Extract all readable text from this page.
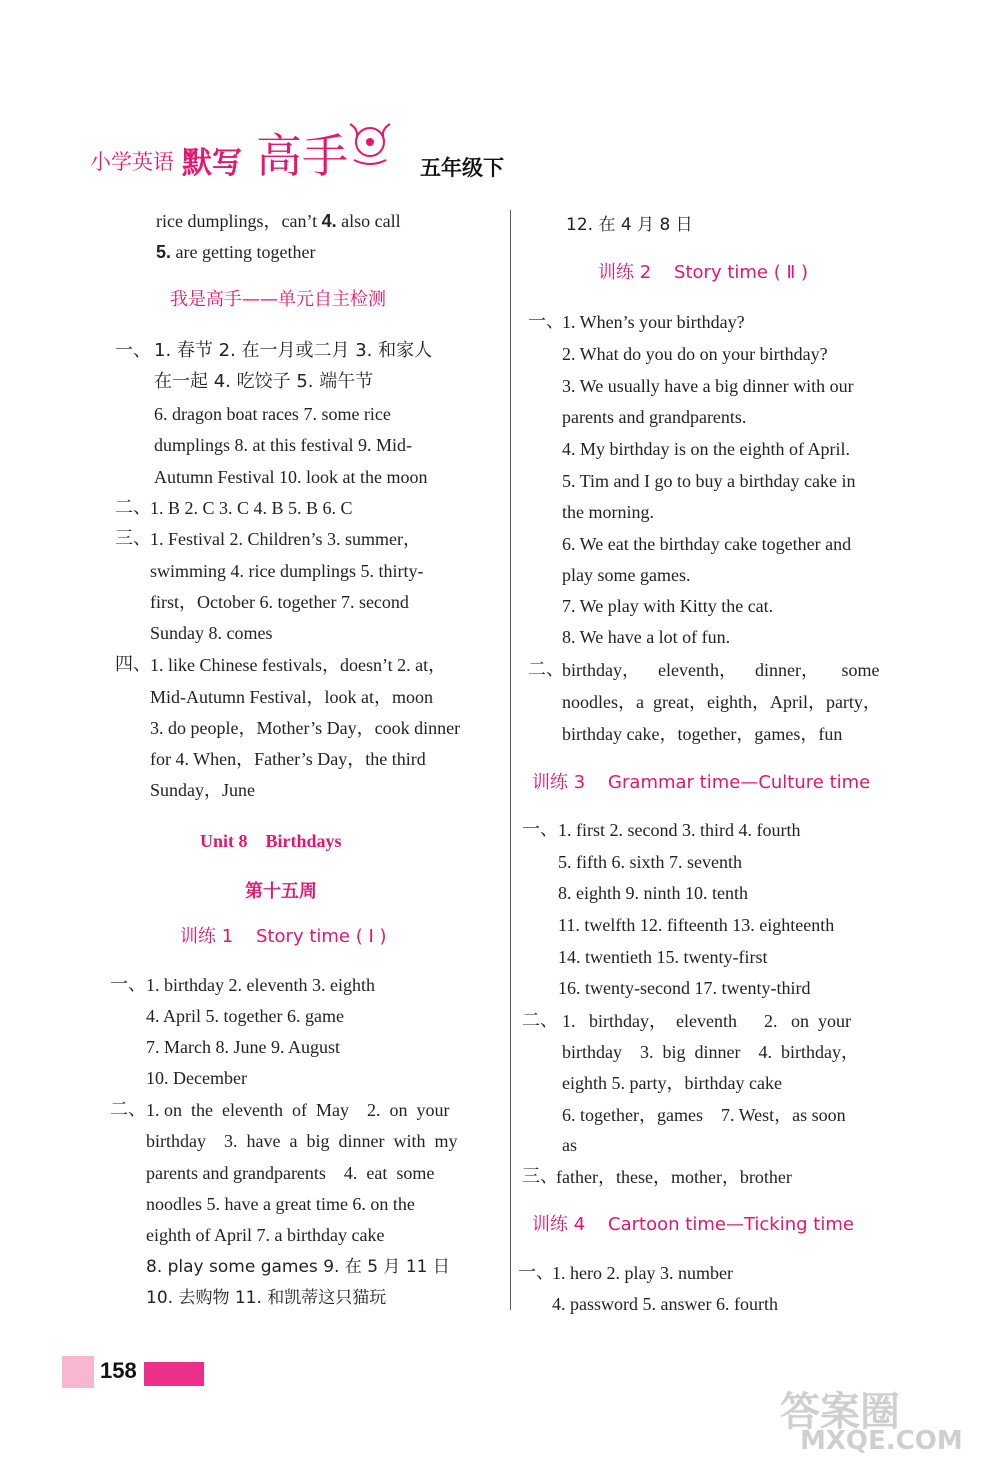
小学英语 默写 高手	五年级下

rice dumplings，can’t 4. also call

5. are getting together

我是高手——单元自主检测

一、 1. 春节 2. 在一月或二月 3. 和家人

在一起 4. 吃饺子 5. 端午节

6. dragon boat races 7. some rice

dumplings 8. at this festival 9. Mid-

Autumn Festival 10. look at the moon

二、 1. B 2. C 3. C 4. B 5. B 6. C

三、 1. Festival 2. Children’s 3. summer，

swimming 4. rice dumplings 5. thirty-

first，October 6. together 7. second

Sunday 8. comes

四、 1. like Chinese festivals，doesn’t 2. at，

Mid-Autumn Festival，look at，moon

3. do people，Mother’s Day，cook dinner

for 4. When，Father’s Day，the third

Sunday，June

Unit 8    Birthdays

第十五周

训练 1    Story time ( Ⅰ )

一、 1. birthday 2. eleventh 3. eighth

4. April 5. together 6. game

7. March 8. June 9. August

10. December

二、 1. on  the  eleventh  of  May    2.  on  your

birthday    3.  have  a  big  dinner  with  my

parents and grandparents    4.  eat  some

noodles 5. have a great time 6. on the

eighth of April 7. a birthday cake

8. play some games 9. 在 5 月 11 日

10. 去购物 11. 和凯蒂这只猫玩

12. 在 4 月 8 日

训练 2    Story time ( Ⅱ )

一、

1. When’s your birthday?

2. What do you do on your birthday?

3. We usually have a big dinner with our

parents and grandparents.

4. My birthday is on the eighth of April.

5. Tim and I go to buy a birthday cake in

the morning.

6. We eat the birthday cake together and

play some games.

7. We play with Kitty the cat.

8. We have a lot of fun.

二、

birthday，    eleventh，    dinner，     some

noodles，a  great，eighth，April，party，

birthday cake，together，games，fun

训练 3    Grammar time—Culture time

一、 1. first 2. second 3. third 4. fourth

5. fifth 6. sixth 7. seventh

8. eighth 9. ninth 10. tenth

11. twelfth 12. fifteenth 13. eighteenth

14. twentieth 15. twenty-first

16. twenty-second 17. twenty-third

二、 1.   birthday，  eleventh      2.   on  your

birthday    3.  big  dinner    4.  birthday，

eighth 5. party，birthday cake

6. together，games    7. West，as soon

as

三、

father，these，mother，brother

训练 4    Cartoon time—Ticking time

一、

1. hero 2. play 3. number

4. password 5. answer 6. fourth

158
答案圈
MXQE.COM
